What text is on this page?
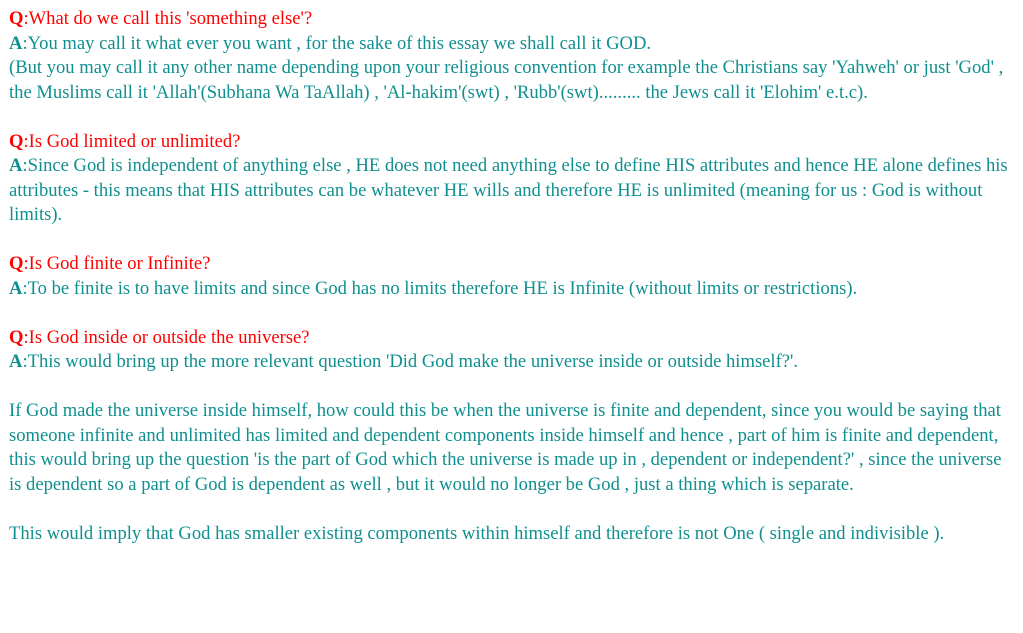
Q:What do we call this 'something else'?
A:You may call it what ever you want , for the sake of this essay we shall call it GOD.
(But you may call it any other name depending upon your religious convention for example the Christians say 'Yahweh' or just 'God' , the Muslims call it 'Allah'(Subhana Wa TaAllah) , 'Al-hakim'(swt) , 'Rubb'(swt)......... the Jews call it 'Elohim' e.t.c).
Q:Is God limited or unlimited?
A:Since God is independent of anything else , HE does not need anything else to define HIS attributes and hence HE alone defines his attributes - this means that HIS attributes can be whatever HE wills and therefore HE is unlimited (meaning for us : God is without limits).
Q:Is God finite or Infinite?
A:To be finite is to have limits and since God has no limits therefore HE is Infinite (without limits or restrictions).
Q:Is God inside or outside the universe?
A:This would bring up the more relevant question 'Did God make the universe inside or outside himself?'.
If God made the universe inside himself, how could this be when the universe is finite and dependent, since you would be saying that someone infinite and unlimited has limited and dependent components inside himself and hence , part of him is finite and dependent, this would bring up the question 'is the part of God which the universe is made up in , dependent or independent?' , since the universe is dependent so a part of God is dependent as well , but it would no longer be God , just a thing which is separate.
This would imply that God has smaller existing components within himself and therefore is not One ( single and indivisible ).
